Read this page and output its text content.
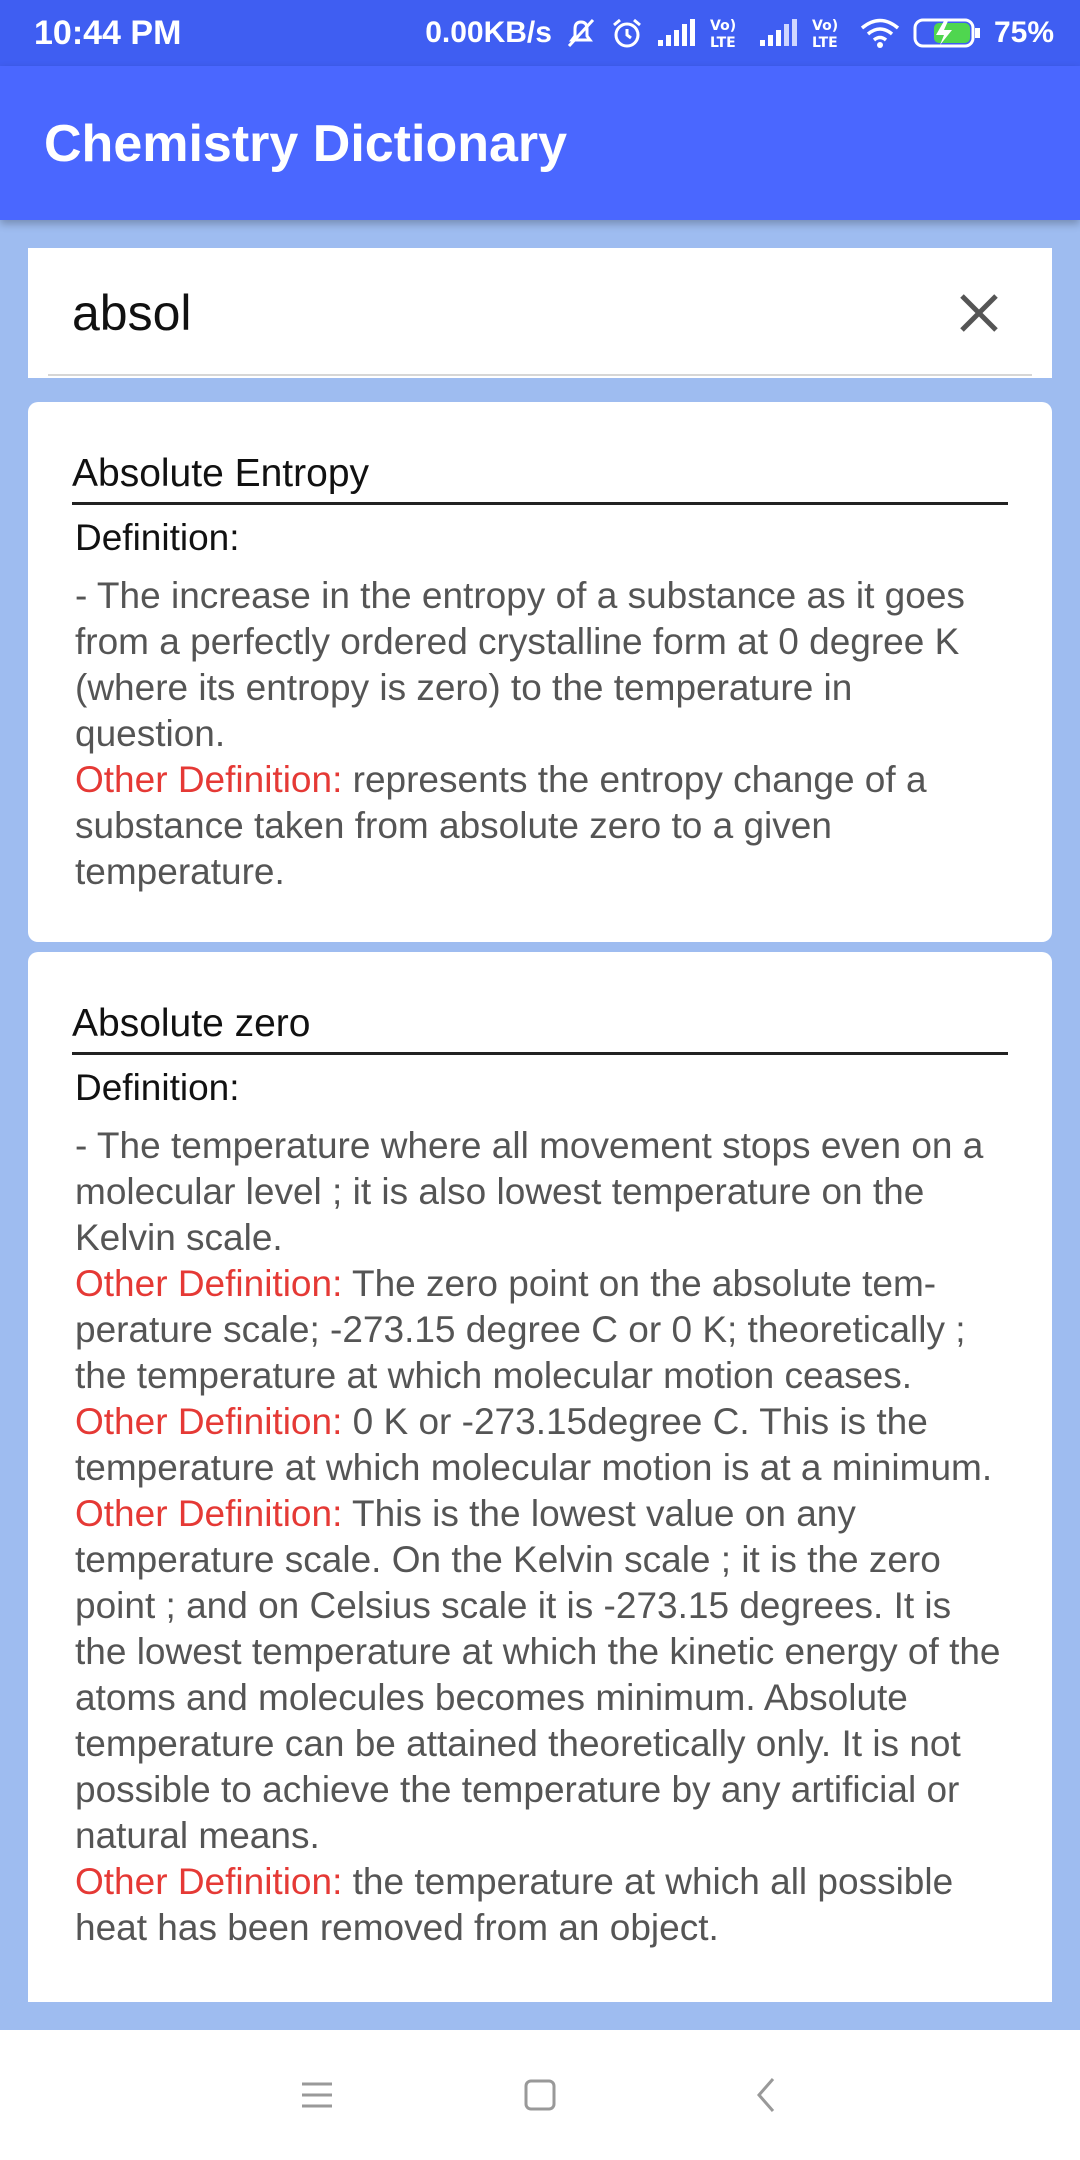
10:44 PM	0.00KB/s	Vo)
LTE
Vo)
LTE	75%
Chemistry Dictionary
absol
Absolute Entropy
Definition:

- The increase in the entropy of a substance as it goes from a perfectly ordered crystalline form at 0 degree K (where its entropy is zero) to the temperature in question.

Other Definition: represents the entropy change of a substance taken from absolute zero to a given temperature.

Absolute zero
Definition:

- The temperature where all movement stops even on a molecular level ; it is also lowest temperature on the Kelvin scale.

Other Definition: The zero point on the absolute tem-perature scale; -273.15 degree C or 0 K; theoretically ; the temperature at which molecular motion ceases.

Other Definition: 0 K or -273.15degree C. This is the temperature at which molecular motion is at a minimum.

Other Definition: This is the lowest value on any temperature scale. On the Kelvin scale ; it is the zero point ; and on Celsius scale it is -273.15 degrees. It is the lowest temperature at which the kinetic energy of the atoms and molecules becomes minimum. Absolute temperature can be attained theoretically only. It is not possible to achieve the temperature by any artificial or natural means.

Other Definition: the temperature at which all possible heat has been removed from an object.
